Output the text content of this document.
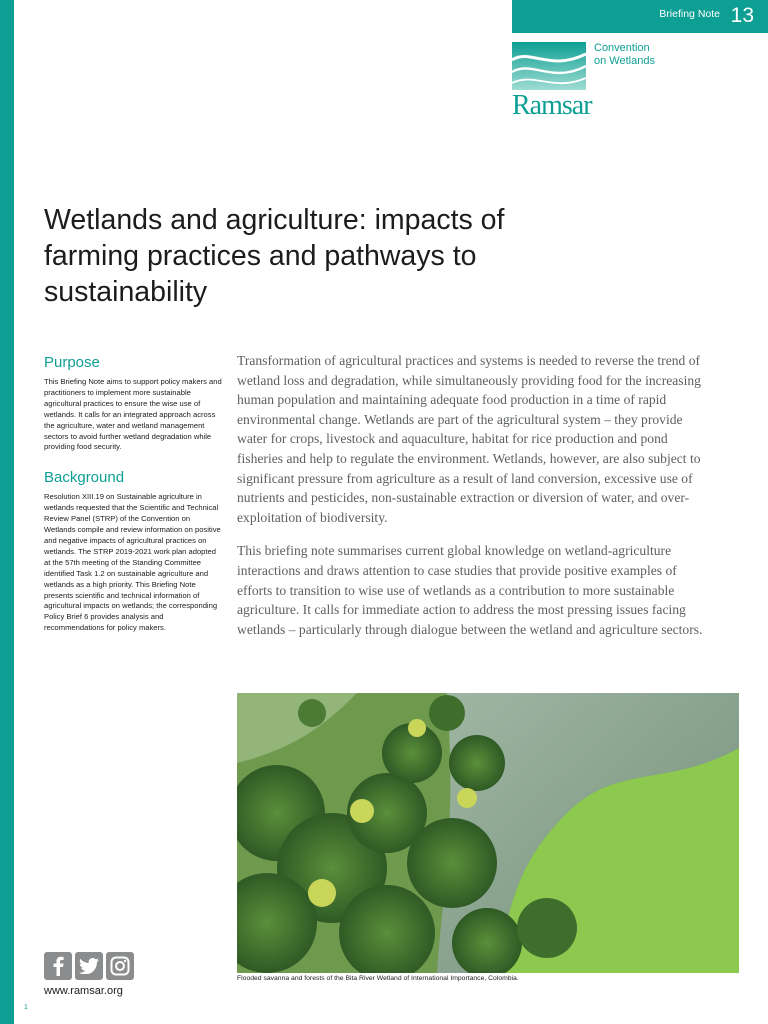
1
Briefing Note 13
Ramsar
Convention
on Wetlands
Wetlands and agriculture: impacts of farming practices and pathways to sustainability
Purpose

This Briefing Note aims to support policy makers and practitioners to implement more sustainable agricultural practices to ensure the wise use of wetlands. It calls for an integrated approach across the agriculture, water and wetland management sectors to avoid further wetland degradation while providing food security.

Background

Resolution XIII.19 on Sustainable agriculture in wetlands requested that the Scientific and Technical Review Panel (STRP) of the Convention on Wetlands compile and review information on positive and negative impacts of agricultural practices on wetlands. The STRP 2019-2021 work plan adopted at the 57th meeting of the Standing Committee identified Task 1.2 on sustainable agriculture and wetlands as a high priority. This Briefing Note presents scientific and technical information of agricultural impacts on wetlands; the corresponding Policy Brief 6 provides analysis and recommendations for policy makers.

Transformation of agricultural practices and systems is needed to reverse the trend of wetland loss and degradation, while simultaneously providing food for the increasing human population and maintaining adequate food production in a time of rapid environmental change. Wetlands are part of the agricultural system – they provide water for crops, livestock and aquaculture, habitat for rice production and pond fisheries and help to regulate the environment. Wetlands, however, are also subject to significant pressure from agriculture as a result of land conversion, excessive use of nutrients and pesticides, non-sustainable extraction or diversion of water, and over-exploitation of biodiversity.

This briefing note summarises current global knowledge on wetland-agriculture interactions and draws attention to case studies that provide positive examples of efforts to transition to wise use of wetlands as a contribution to more sustainable agriculture. It calls for immediate action to address the most pressing issues facing wetlands – particularly through dialogue between the wetland and agriculture sectors.

Flooded savanna and forests of the Bita River Wetland of International Importance, Colombia.
www.ramsar.org
